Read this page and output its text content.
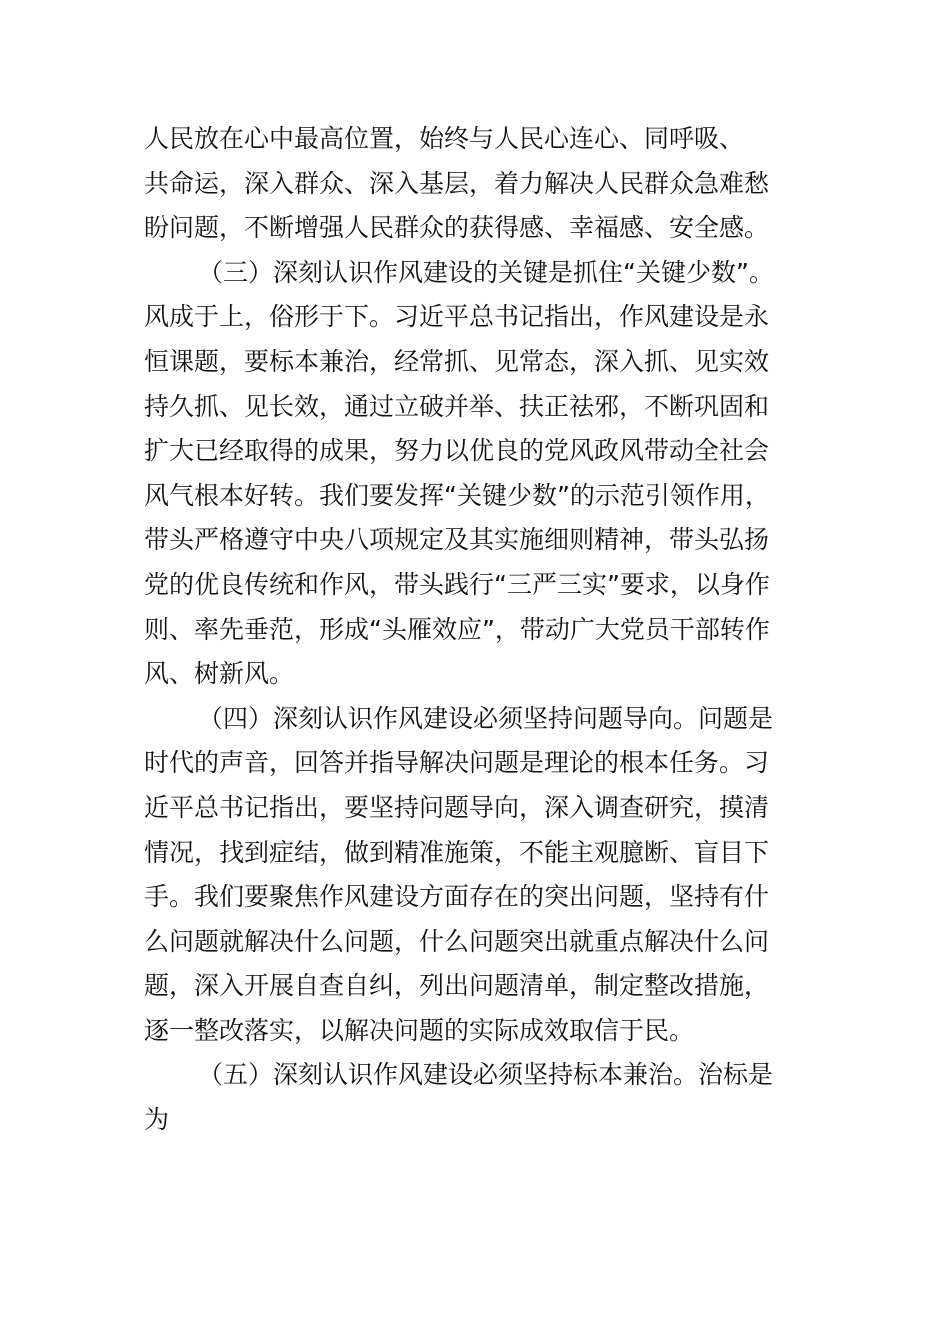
人民放在心中最高位置，始终与人民心连心、同呼吸、
共命运，深入群众、深入基层，着力解决人民群众急难愁
盼问题，不断增强人民群众的获得感、幸福感、安全感。
（三）深刻认识作风建设的关键是抓住“关键少数”。
风成于上，俗形于下。习近平总书记指出，作风建设是永
恒课题，要标本兼治，经常抓、见常态，深入抓、见实效
持久抓、见长效，通过立破并举、扶正祛邪，不断巩固和
扩大已经取得的成果，努力以优良的党风政风带动全社会
风气根本好转。我们要发挥“关键少数”的示范引领作用，
带头严格遵守中央八项规定及其实施细则精神，带头弘扬
党的优良传统和作风，带头践行“三严三实”要求，以身作
则、率先垂范，形成“头雁效应”，带动广大党员干部转作
风、树新风。
（四）深刻认识作风建设必须坚持问题导向。问题是
时代的声音，回答并指导解决问题是理论的根本任务。习
近平总书记指出，要坚持问题导向，深入调查研究，摸清
情况，找到症结，做到精准施策，不能主观臆断、盲目下
手。我们要聚焦作风建设方面存在的突出问题，坚持有什
么问题就解决什么问题，什么问题突出就重点解决什么问
题，深入开展自查自纠，列出问题清单，制定整改措施，
逐一整改落实，以解决问题的实际成效取信于民。
（五）深刻认识作风建设必须坚持标本兼治。治标是
为
